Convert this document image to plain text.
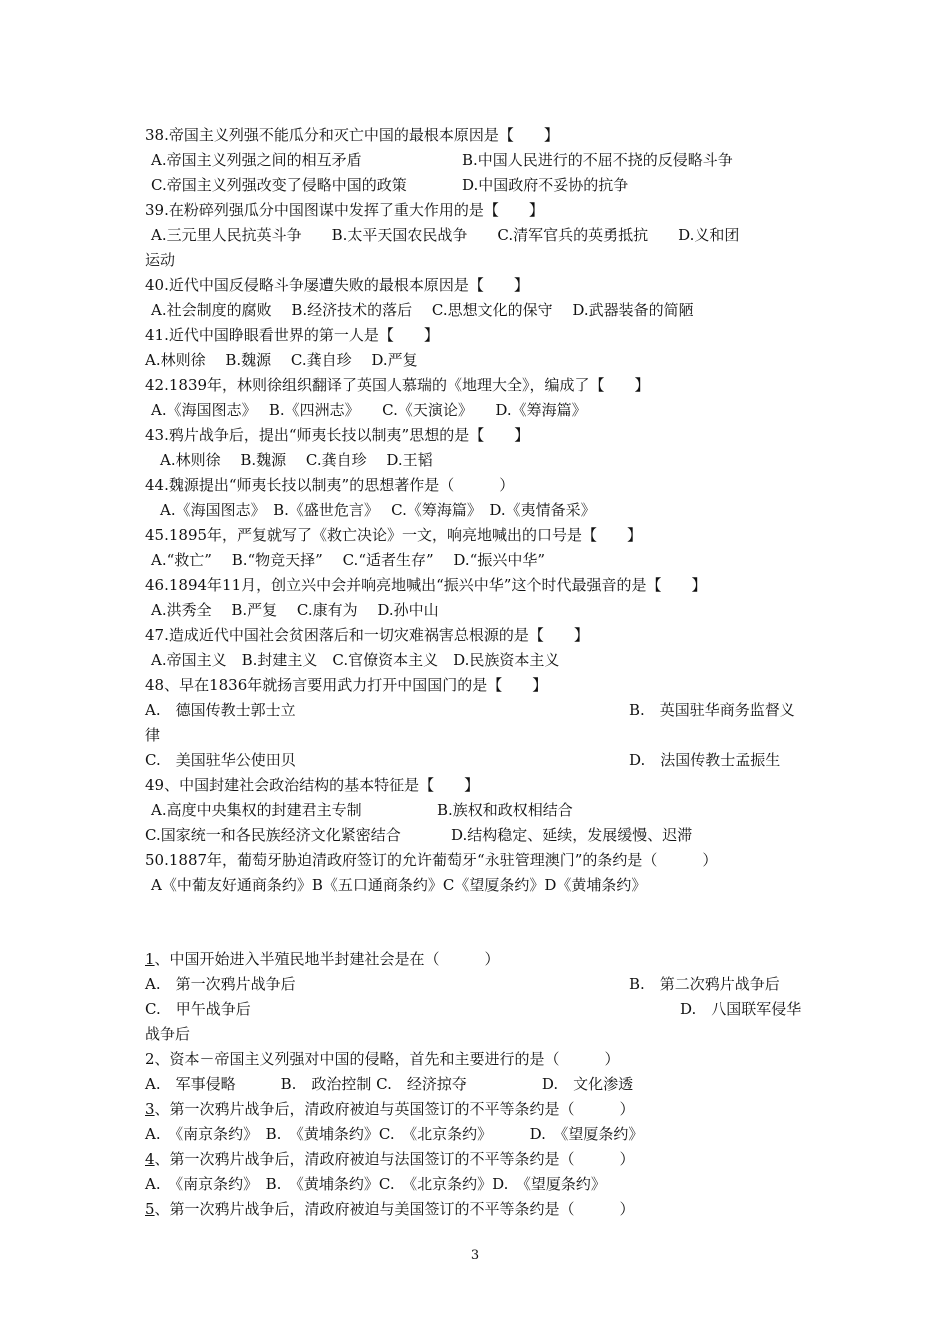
38.帝国主义列强不能瓜分和灭亡中国的最根本原因是【　　】
A.帝国主义列强之间的相互矛盾	B.中国人民进行的不屈不挠的反侵略斗争
C.帝国主义列强改变了侵略中国的政策	D.中国政府不妥协的抗争
39.在粉碎列强瓜分中国图谋中发挥了重大作用的是【　　】
A.三元里人民抗英斗争　　B.太平天国农民战争　　C.清军官兵的英勇抵抗　　D.义和团
运动
40.近代中国反侵略斗争屡遭失败的最根本原因是【　　】
A.社会制度的腐败　 B.经济技术的落后　 C.思想文化的保守　 D.武器装备的简陋
41.近代中国睁眼看世界的第一人是【　　】
A.林则徐　 B.魏源　 C.龚自珍　 D.严复
42.1839年，林则徐组织翻译了英国人慕瑞的《地理大全》，编成了【　　】
A.《海国图志》　 B.《四洲志》　　C.《天演论》　　D.《筹海篇》
43.鸦片战争后，提出“师夷长技以制夷”思想的是【　　】
A.林则徐　 B.魏源　 C.龚自珍　 D.王韬
44.魏源提出“师夷长技以制夷”的思想著作是（　　　）
A.《海国图志》　B.《盛世危言》　 C.《筹海篇》　D.《夷情备采》
45.1895年，严复就写了《救亡决论》一文，响亮地喊出的口号是【　　】
A.“救亡”　 B.“物竞天择”　 C.“适者生存”　 D.“振兴中华”
46.1894年11月，创立兴中会并响亮地喊出“振兴中华”这个时代最强音的是【　　】
A.洪秀全　 B.严复　 C.康有为　 D.孙中山
47.造成近代中国社会贫困落后和一切灾难祸害总根源的是【　　】
A.帝国主义　B.封建主义　C.官僚资本主义　D.民族资本主义
48、早在1836年就扬言要用武力打开中国国门的是【　　】
A.　德国传教士郭士立	B.　英国驻华商务监督义
律
C.　美国驻华公使田贝	D.　法国传教士孟振生
49、中国封建社会政治结构的基本特征是【　　】
A.高度中央集权的封建君主专制	B.族权和政权相结合
C.国家统一和各民族经济文化紧密结合	D.结构稳定、延续，发展缓慢、迟滞
50.1887年，葡萄牙胁迫清政府签订的允许葡萄牙“永驻管理澳门”的条约是（　　　）
A《中葡友好通商条约》B《五口通商条约》C《望厦条约》D《黄埔条约》
1、中国开始进入半殖民地半封建社会是在（　　　）
A.　第一次鸦片战争后	B.　第二次鸦片战争后
C.　甲午战争后	D.　八国联军侵华
战争后
2、资本－帝国主义列强对中国的侵略，首先和主要进行的是（　　　）
A.　军事侵略　　　B.　政治控制 C.　经济掠夺　　　　　D.　文化渗透
3、第一次鸦片战争后，清政府被迫与英国签订的不平等条约是（　　　）
A.　《南京条约》　B.　《黄埔条约》C.　《北京条约》　　　D.　《望厦条约》
4、第一次鸦片战争后，清政府被迫与法国签订的不平等条约是（　　　）
A.　《南京条约》　B.　《黄埔条约》C.　《北京条约》D.　《望厦条约》
5、第一次鸦片战争后，清政府被迫与美国签订的不平等条约是（　　　）
3
